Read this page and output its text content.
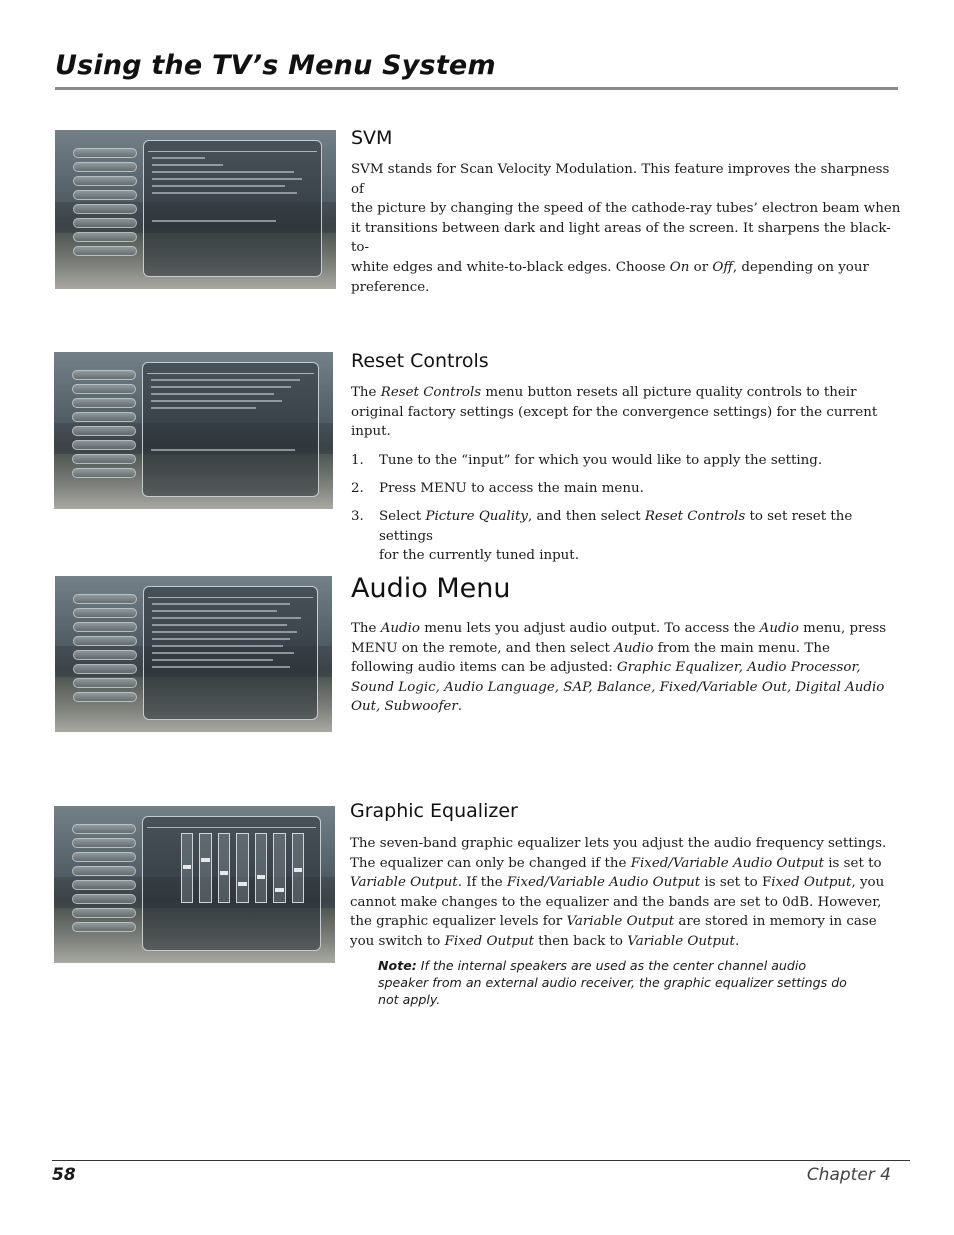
Using the TV’s Menu System
SVM
SVM stands for Scan Velocity Modulation. This feature improves the sharpness of
the picture by changing the speed of the cathode-ray tubes’ electron beam when
it transitions between dark and light areas of the screen. It sharpens the black-to-
white edges and white-to-black edges. Choose On or Off, depending on your
preference.
Reset Controls
The Reset Controls menu button resets all picture quality controls to their
original factory settings (except for the convergence settings) for the current
input.
1. Tune to the “input” for which you would like to apply the setting.
2. Press MENU to access the main menu.
3. Select Picture Quality, and then select Reset Controls to set reset the settings
for the currently tuned input.
Audio Menu
The Audio menu lets you adjust audio output. To access the Audio menu, press
MENU on the remote, and then select Audio from the main menu. The
following audio items can be adjusted: Graphic Equalizer, Audio Processor,
Sound Logic, Audio Language, SAP, Balance, Fixed/Variable Out, Digital Audio
Out, Subwoofer.
Graphic Equalizer
The seven-band graphic equalizer lets you adjust the audio frequency settings.
The equalizer can only be changed if the Fixed/Variable Audio Output is set to
Variable Output. If the Fixed/Variable Audio Output is set to Fixed Output, you
cannot make changes to the equalizer and the bands are set to 0dB. However,
the graphic equalizer levels for Variable Output are stored in memory in case
you switch to Fixed Output then back to Variable Output.
Note: If the internal speakers are used as the center channel audio
speaker from an external audio receiver, the graphic equalizer settings do
not apply.
58	Chapter 4
